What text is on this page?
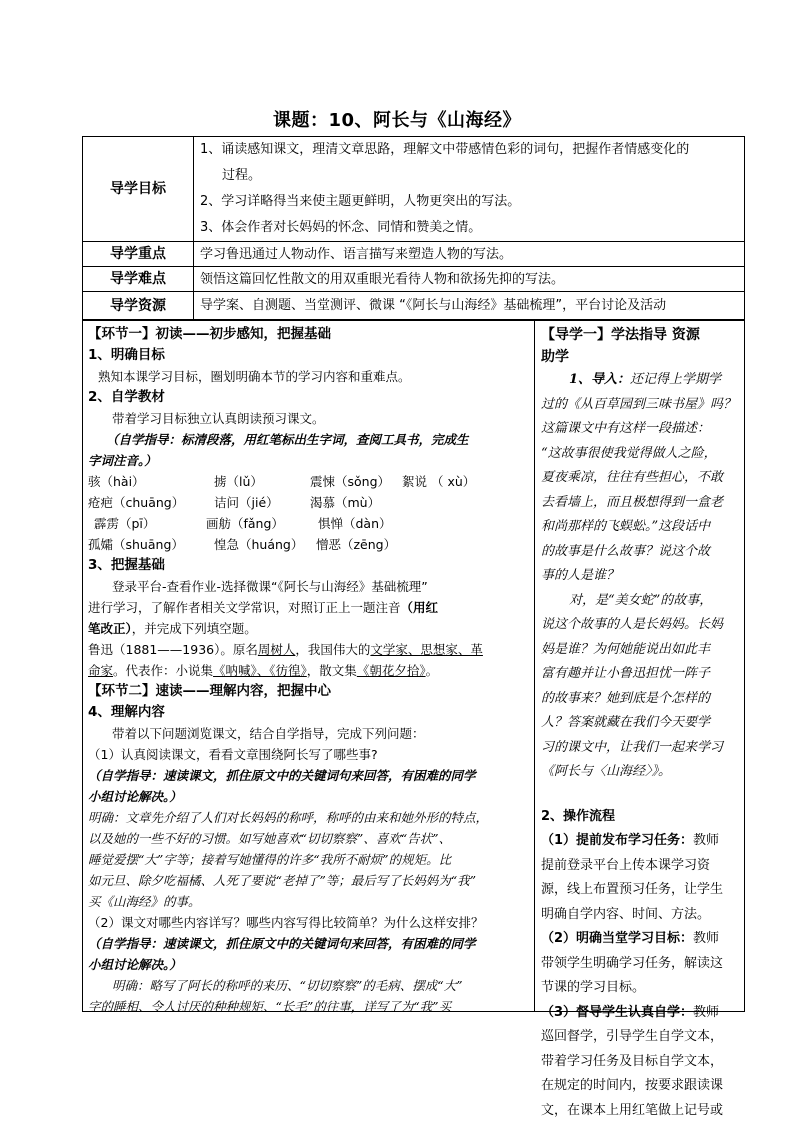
课题：10、阿长与《山海经》
导学目标	1、诵读感知课文，理清文章思路，理解文中带感情色彩的词句，把握作者情感变化的
过程。
2、学习详略得当来使主题更鲜明，人物更突出的写法。
3、体会作者对长妈妈的怀念、同情和赞美之情。

导学重点	学习鲁迅通过人物动作、语言描写来塑造人物的写法。
导学难点	领悟这篇回忆性散文的用双重眼光看待人物和欲扬先抑的写法。
导学资源	导学案、自测题、当堂测评、微课 “《阿长与山海经》基础梳理”，平台讨论及活动
【环节一】初读——初步感知，把握基础
1、明确目标
熟知本课学习目标，圈划明确本节的学习内容和重难点。
2、自学教材
带着学习目标独立认真朗读预习课文。
（自学指导：标清段落，用红笔标出生字词，查阅工具书，完成生
字词注音。）
骇（hài）	掳（lǔ）	震悚（sǒng） 絮说 （ xù）
疮疤（chuāng）	诘问（jié）	渴慕（mù）
霹雳（pī）	画舫（fǎng）	惧惮（dàn）
孤孀（shuāng）	惶急（huáng）	憎恶（zēng）
3、把握基础
登录平台-查看作业-选择微课“《阿长与山海经》基础梳理”
进行学习，了解作者相关文学常识，对照订正上一题注音（用红
笔改正），并完成下列填空题。
鲁迅（1881——1936）。原名周树人，我国伟大的文学家、思想家、革
命家。代表作：小说集《呐喊》、《彷徨》，散文集《朝花夕拾》。
【环节二】速读——理解内容，把握中心
4、理解内容
带着以下问题浏览课文，结合自学指导，完成下列问题：
（1）认真阅读课文，看看文章围绕阿长写了哪些事?
（自学指导：速读课文，抓住原文中的关键词句来回答，有困难的同学
小组讨论解决。）
明确：文章先介绍了人们对长妈妈的称呼，称呼的由来和她外形的特点，
以及她的一些不好的习惯。如写她喜欢“切切察察”、喜欢“告状”、
睡觉爱摆“大”字等；接着写她懂得的许多“我所不耐烦”的规矩。比
如元旦、除夕吃福橘、人死了要说“老掉了”等；最后写了长妈妈为“我”
买《山海经》的事。
（2）课文对哪些内容详写？哪些内容写得比较简单？为什么这样安排？
（自学指导：速读课文，抓住原文中的关键词句来回答，有困难的同学
小组讨论解决。）
明确：略写了阿长的称呼的来历、“切切察察”的毛病、摆成“大”
字的睡相、令人讨厌的种种规矩、“长毛”的往事，详写了为“我”买
【导学一】学法指导 资源
助学
1、导入：还记得上学期学
过的《从百草园到三味书屋》吗？
这篇课文中有这样一段描述：
“这故事很使我觉得做人之险，
夏夜乘凉，往往有些担心，不敢
去看墙上，而且极想得到一盒老
和尚那样的飞蜈蚣。”这段话中
的故事是什么故事？说这个故
事的人是谁？
对，是“美女蛇”的故事，
说这个故事的人是长妈妈。长妈
妈是谁？为何她能说出如此丰
富有趣并让小鲁迅担忧一阵子
的故事来？她到底是个怎样的
人？答案就藏在我们今天要学
习的课文中，让我们一起来学习
《阿长与〈山海经〉》。
2、操作流程
（1）提前发布学习任务：教师
提前登录平台上传本课学习资
源，线上布置预习任务，让学生
明确自学内容、时间、方法。
（2）明确当堂学习目标：教师
带领学生明确学习任务，解读这
节课的学习目标。
（3）督导学生认真自学：教师
巡回督学，引导学生自学文本，
带着学习任务及目标自学文本，
在规定的时间内，按要求跟读课
文，在课本上用红笔做上记号或
